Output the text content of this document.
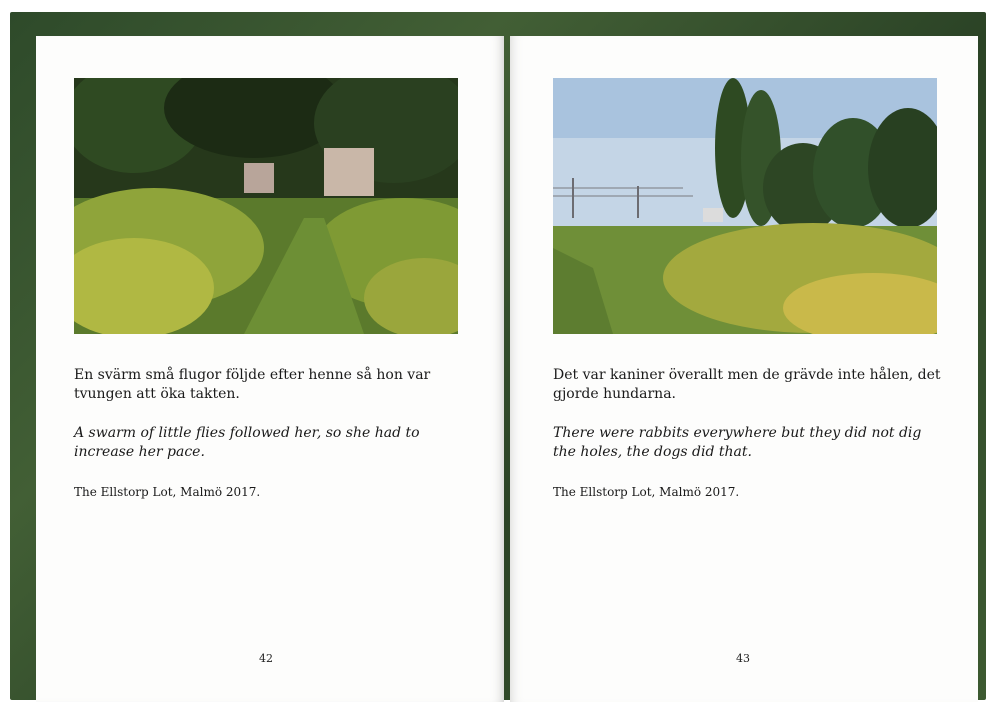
En svärm små flugor följde efter henne så hon var tvungen att öka takten.
A swarm of little flies followed her, so she had to increase her pace.
The Ellstorp Lot, Malmö 2017.
42
Det var kaniner överallt men de grävde inte hålen, det gjorde hundarna.
There were rabbits everywhere but they did not dig the holes, the dogs did that.
The Ellstorp Lot, Malmö 2017.
43
